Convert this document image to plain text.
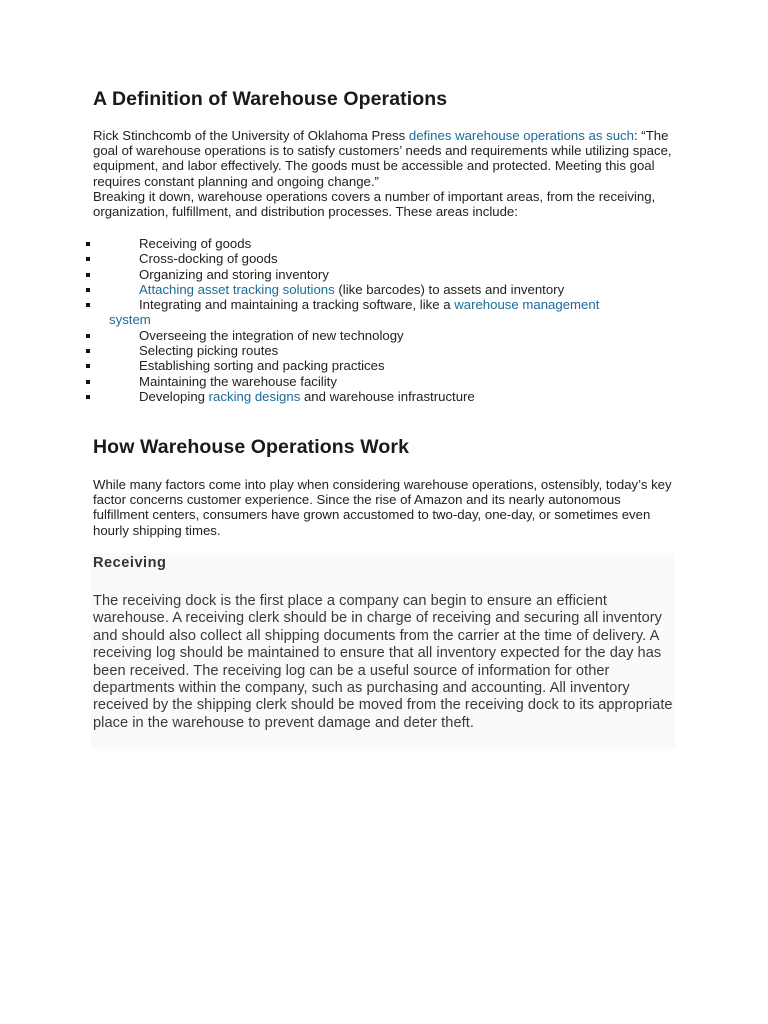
A Definition of Warehouse Operations
Rick Stinchcomb of the University of Oklahoma Press defines warehouse operations as such: “The goal of warehouse operations is to satisfy customers’ needs and requirements while utilizing space, equipment, and labor effectively. The goods must be accessible and protected. Meeting this goal requires constant planning and ongoing change.”
Breaking it down, warehouse operations covers a number of important areas, from the receiving, organization, fulfillment, and distribution processes. These areas include:
Receiving of goods
Cross-docking of goods
Organizing and storing inventory
Attaching asset tracking solutions (like barcodes) to assets and inventory
Integrating and maintaining a tracking software, like a warehouse management
system
Overseeing the integration of new technology
Selecting picking routes
Establishing sorting and packing practices
Maintaining the warehouse facility
Developing racking designs and warehouse infrastructure
How Warehouse Operations Work
While many factors come into play when considering warehouse operations, ostensibly, today’s key factor concerns customer experience. Since the rise of Amazon and its nearly autonomous fulfillment centers, consumers have grown accustomed to two-day, one-day, or sometimes even hourly shipping times.
Receiving
The receiving dock is the first place a company can begin to ensure an efficient warehouse. A receiving clerk should be in charge of receiving and securing all inventory and should also collect all shipping documents from the carrier at the time of delivery. A receiving log should be maintained to ensure that all inventory expected for the day has been received. The receiving log can be a useful source of information for other departments within the company, such as purchasing and accounting. All inventory received by the shipping clerk should be moved from the receiving dock to its appropriate place in the warehouse to prevent damage and deter theft.
